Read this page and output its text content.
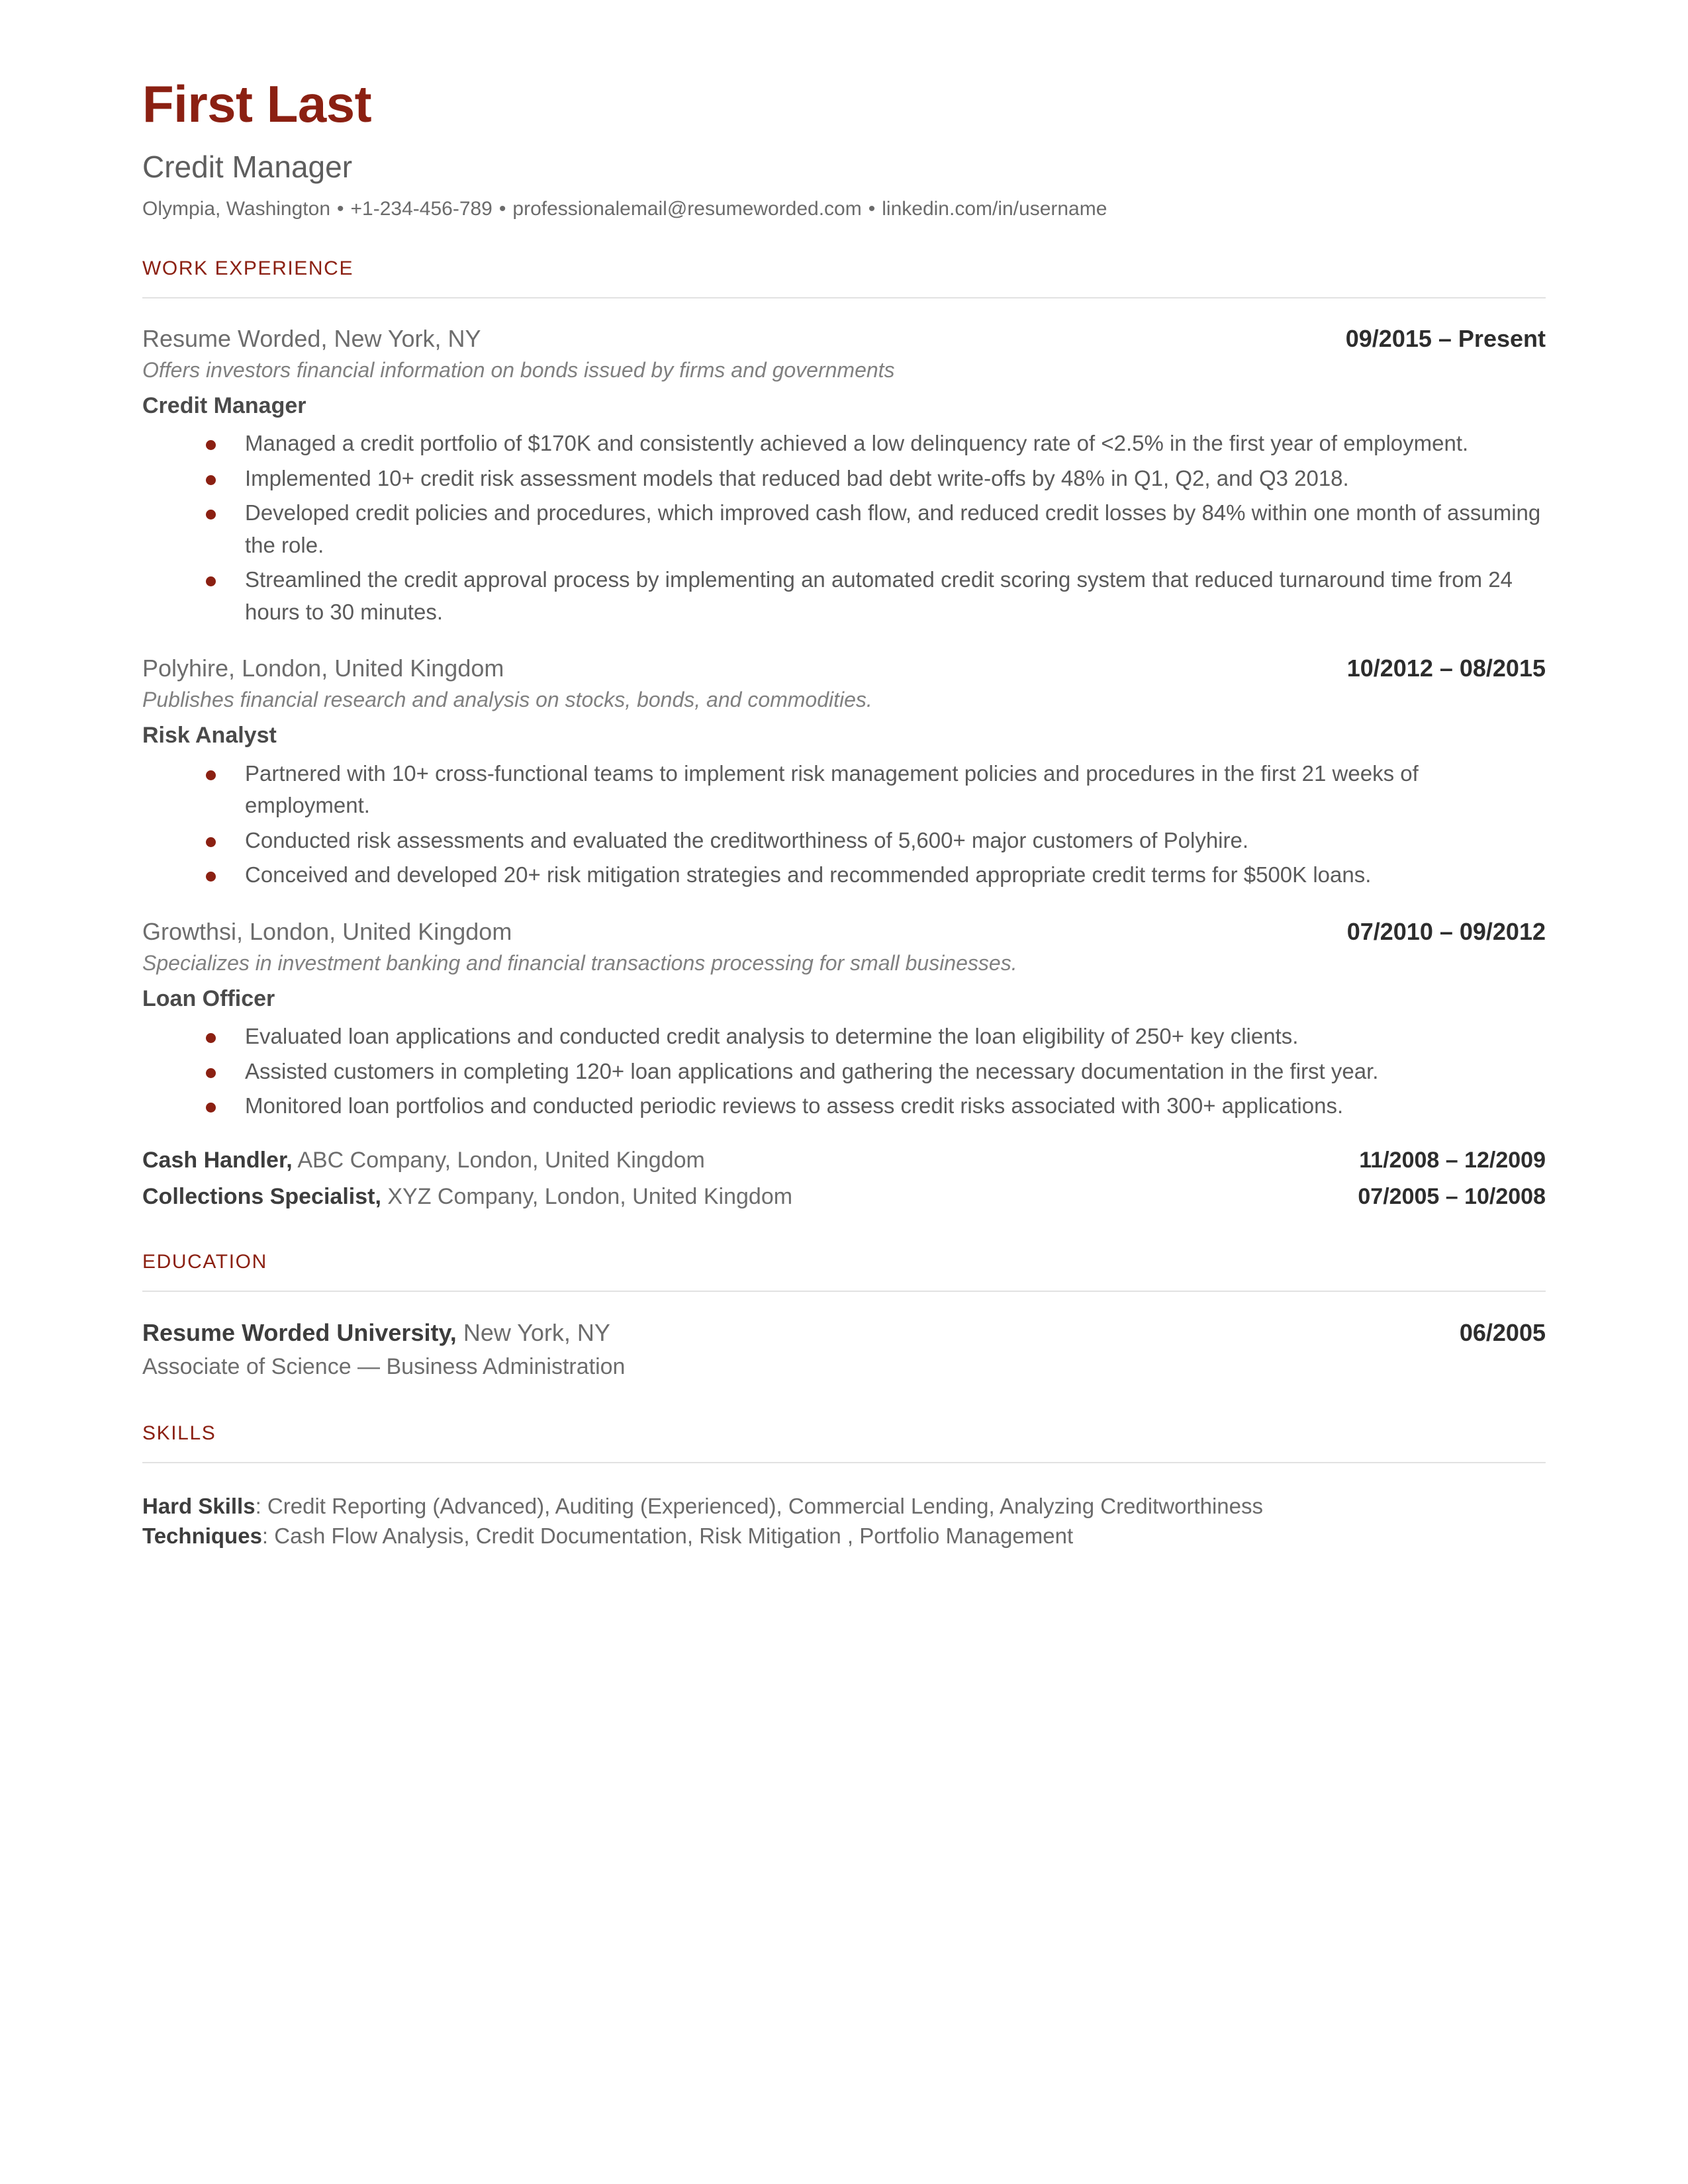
First Last
Credit Manager
Olympia, Washington • +1-234-456-789 • professionalemail@resumeworded.com • linkedin.com/in/username
WORK EXPERIENCE
Resume Worded, New York, NY	09/2015 – Present
Offers investors financial information on bonds issued by firms and governments
Credit Manager
Managed a credit portfolio of $170K and consistently achieved a low delinquency rate of <2.5% in the first year of employment.
Implemented 10+ credit risk assessment models that reduced bad debt write-offs by 48% in Q1, Q2, and Q3 2018.
Developed credit policies and procedures, which improved cash flow, and reduced credit losses by 84% within one month of assuming the role.
Streamlined the credit approval process by implementing an automated credit scoring system that reduced turnaround time from 24 hours to 30 minutes.
Polyhire, London, United Kingdom	10/2012 – 08/2015
Publishes financial research and analysis on stocks, bonds, and commodities.
Risk Analyst
Partnered with 10+ cross-functional teams to implement risk management policies and procedures in the first 21 weeks of employment.
Conducted risk assessments and evaluated the creditworthiness of 5,600+ major customers of Polyhire.
Conceived and developed 20+ risk mitigation strategies and recommended appropriate credit terms for $500K loans.
Growthsi, London, United Kingdom	07/2010 – 09/2012
Specializes in investment banking and financial transactions processing for small businesses.
Loan Officer
Evaluated loan applications and conducted credit analysis to determine the loan eligibility of 250+ key clients.
Assisted customers in completing 120+ loan applications and gathering the necessary documentation in the first year.
Monitored loan portfolios and conducted periodic reviews to assess credit risks associated with 300+ applications.
Cash Handler, ABC Company, London, United Kingdom	11/2008 – 12/2009
Collections Specialist, XYZ Company, London, United Kingdom	07/2005 – 10/2008
EDUCATION
Resume Worded University, New York, NY	06/2005
Associate of Science — Business Administration
SKILLS
Hard Skills: Credit Reporting (Advanced), Auditing (Experienced), Commercial Lending, Analyzing Creditworthiness
Techniques: Cash Flow Analysis, Credit Documentation, Risk Mitigation , Portfolio Management
